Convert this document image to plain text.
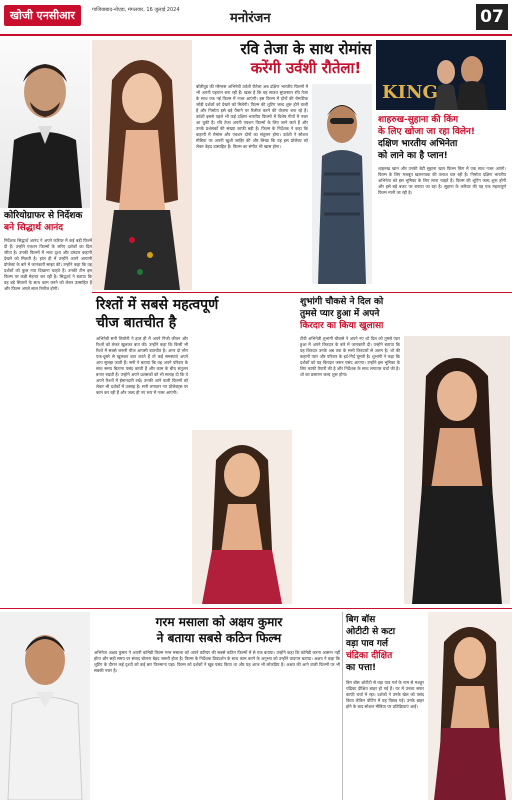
खोजी एनसीआर	गाजियाबाद-नोएडा, मंगलवार, 16 जुलाई 2024
मनोरंजन	07
कोरियोग्राफर से निर्देशक
बने सिद्धार्थ आनंद
निर्देशक सिद्धार्थ आनंद ने अपने करियर में कई बड़ी फिल्में दी हैं। उन्होंने एक्शन फिल्मों के जरिए दर्शकों का दिल जीता है। उनकी फिल्मों में भव्य दृश्य और दमदार कहानी देखने को मिलती है। हाल ही में उन्होंने अपने आगामी प्रोजेक्ट के बारे में जानकारी साझा की। उन्होंने कहा कि वह दर्शकों को कुछ नया दिखाना चाहते हैं। उनकी टीम इस फिल्म पर कड़ी मेहनत कर रही है। सिद्धार्थ ने बताया कि वह बड़े सितारों के साथ काम करने को लेकर उत्साहित हैं और फिल्म अगले साल रिलीज होगी।
रवि तेजा के साथ रोमांस
करेंगी उर्वशी रौतेला!
बॉलीवुड की ग्लैमरस अभिनेत्री उर्वशी रौतेला अब दक्षिण भारतीय फिल्मों में भी अपनी पहचान बना रही हैं। खबर है कि वह साउथ सुपरस्टार रवि तेजा के साथ एक नई फिल्म में नजर आएंगी। इस फिल्म में दोनों की रोमांटिक जोड़ी दर्शकों को देखने को मिलेगी। फिल्म की शूटिंग जल्द शुरू होने वाली है और निर्माता इसे बड़े पैमाने पर रिलीज करने की योजना बना रहे हैं। उर्वशी इससे पहले भी कई दक्षिण भारतीय फिल्मों में विशेष गीतों में नजर आ चुकी हैं। रवि तेजा अपनी एक्शन फिल्मों के लिए जाने जाते हैं और उनके प्रशंसकों की संख्या काफी बड़ी है। फिल्म के निर्देशक ने कहा कि कहानी में रोमांस और एक्शन दोनों का संतुलन होगा। उर्वशी ने सोशल मीडिया पर अपनी खुशी जाहिर की और लिखा कि वह इस प्रोजेक्ट को लेकर बेहद उत्साहित हैं। फिल्म का संगीत भी खास होगा।
KING
शाहरुख-सुहाना की किंग
के लिए खोजा जा रहा विलेन!
दक्षिण भारतीय अभिनेता
को लाने का है प्लान!
शाहरुख खान और उनकी बेटी सुहाना खान फिल्म किंग में एक साथ नजर आएंगे। फिल्म के लिए मजबूत खलनायक की तलाश चल रही है। निर्माता दक्षिण भारतीय अभिनेता को इस भूमिका के लिए लाना चाहते हैं। फिल्म की शूटिंग जल्द शुरू होगी और इसे बड़े बजट पर बनाया जा रहा है। सुहाना के करियर की यह एक महत्वपूर्ण फिल्म मानी जा रही है।
रिश्तों में सबसे महत्वपूर्ण
चीज बातचीत है
अभिनेत्री सनी लियोनी ने हाल ही में अपने निजी जीवन और रिश्तों को लेकर खुलकर बात की। उन्होंने कहा कि किसी भी रिश्ते में सबसे जरूरी चीज आपसी बातचीत है। अगर दो लोग एक-दूसरे से खुलकर बात करते हैं तो कई समस्याएं अपने आप सुलझ जाती हैं। सनी ने बताया कि वह अपने परिवार के साथ समय बिताना पसंद करती हैं और काम के बीच संतुलन बनाए रखती हैं। उन्होंने अपने प्रशंसकों को भी सलाह दी कि वे अपने रिश्तों में ईमानदारी रखें। उनकी आने वाली फिल्मों को लेकर भी दर्शकों में उत्साह है। सनी लगातार नए प्रोजेक्ट्स पर काम कर रही हैं और जल्द ही नए रूप में नजर आएंगी।
शुभांगी चौकसे ने दिल को
तुमसे प्यार हुआ में अपने
किरदार का किया खुलासा
टीवी अभिनेत्री शुभांगी चौकसे ने अपने नए शो दिल को तुमसे प्यार हुआ में अपने किरदार के बारे में जानकारी दी। उन्होंने बताया कि यह किरदार उनके अब तक के सभी किरदारों से अलग है। शो की कहानी प्यार और परिवार के इर्द-गिर्द घूमती है। शुभांगी ने कहा कि दर्शकों को यह किरदार जरूर पसंद आएगा। उन्होंने इस भूमिका के लिए काफी तैयारी की है और निर्देशक के साथ लगातार चर्चा की है। शो का प्रसारण जल्द शुरू होगा।
गरम मसाला को अक्षय कुमार
ने बताया सबसे कठिन फिल्म
अभिनेता अक्षय कुमार ने अपनी कॉमेडी फिल्म गरम मसाला को अपने करियर की सबसे कठिन फिल्मों में से एक बताया। उन्होंने कहा कि कॉमेडी करना आसान नहीं होता और सही समय पर संवाद बोलना बेहद जरूरी होता है। फिल्म के निर्देशक प्रियदर्शन के साथ काम करने के अनुभव को उन्होंने यादगार बताया। अक्षय ने कहा कि शूटिंग के दौरान कई दृश्यों को कई बार फिल्माना पड़ा। फिल्म को दर्शकों ने खूब पसंद किया था और यह आज भी लोकप्रिय है। अक्षय की आने वाली फिल्मों पर भी सबकी नजर है।
बिग बॉस
ओटीटी से कटा
वड़ा पाव गर्ल
चंद्रिका दीक्षित
का पत्ता!
बिग बॉस ओटीटी से वड़ा पाव गर्ल के नाम से मशहूर चंद्रिका दीक्षित बाहर हो गई हैं। घर में उनका सफर काफी चर्चा में रहा। दर्शकों ने उनके खेल को पसंद किया लेकिन वोटिंग में वह पिछड़ गईं। उनके बाहर होने के बाद सोशल मीडिया पर प्रतिक्रियाएं आईं।
